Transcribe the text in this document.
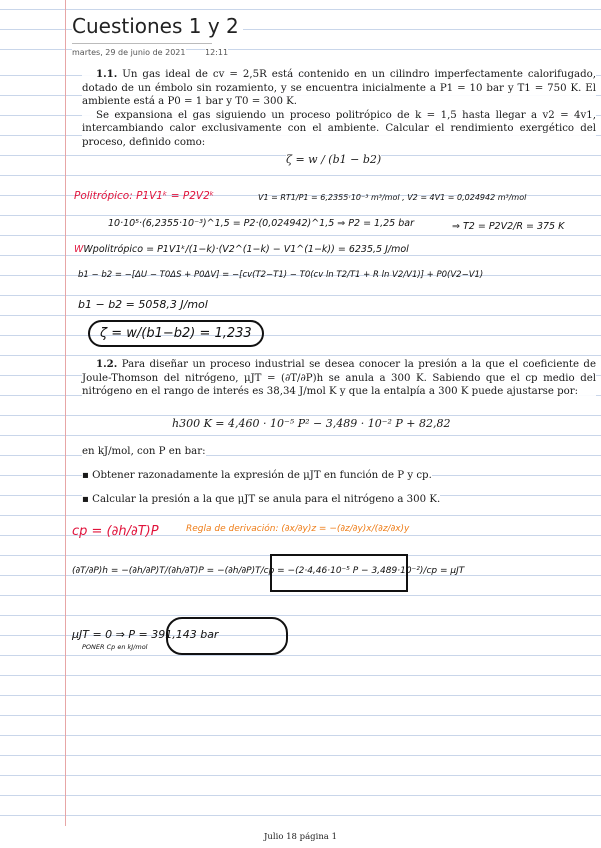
Cuestiones 1 y 2
martes, 29 de junio de 2021 12:11

1.1. Un gas ideal de cv = 2,5R está contenido en un cilindro imperfectamente calorifugado, dotado de un émbolo sin rozamiento, y se encuentra inicialmente a P1 = 10 bar y T1 = 750 K. El ambiente está a P0 = 1 bar y T0 = 300 K.

Se expansiona el gas siguiendo un proceso politrópico de k = 1,5 hasta llegar a v2 = 4v1, intercambiando calor exclusivamente con el ambiente. Calcular el rendimiento exergético del proceso, definido como:

ζ = w / (b1 − b2)
Politrópico: P1V1ᵏ = P2V2ᵏ	V1 = RT1/P1 = 6,2355·10⁻³ m³/mol , V2 = 4V1 = 0,024942 m³/mol
10·10⁵·(6,2355·10⁻³)^1,5 = P2·(0,024942)^1,5 ⇒ P2 = 1,25 bar	⇒ T2 = P2V2/R = 375 K
WWpolitrópico = P1V1ᵏ/(1−k)·(V2^(1−k) − V1^(1−k)) = 6235,5 J/mol
b1 − b2 = −[ΔU − T0ΔS + P0ΔV] = −[cv(T2−T1) − T0(cv ln T2/T1 + R ln V2/V1)] + P0(V2−V1)
b1 − b2 = 5058,3 J/mol
ζ = w/(b1−b2) = 1,233

1.2. Para diseñar un proceso industrial se desea conocer la presión a la que el coeficiente de Joule-Thomson del nitrógeno, μJT = (∂T/∂P)h se anula a 300 K. Sabiendo que el cp medio del nitrógeno en el rango de interés es 38,34 J/mol K y que la entalpía a 300 K puede ajustarse por:

h300 K = 4,460 · 10⁻⁵ P² − 3,489 · 10⁻² P + 82,82
en kJ/mol, con P en bar:
▪ Obtener razonadamente la expresión de μJT en función de P y cp.
▪ Calcular la presión a la que μJT se anula para el nitrógeno a 300 K.
cp = (∂h/∂T)P	Regla de derivación: (∂x/∂y)z = −(∂z/∂y)x/(∂z/∂x)y
(∂T/∂P)h = −(∂h/∂P)T/(∂h/∂T)P = −(∂h/∂P)T/cp = −(2·4,46·10⁻⁵ P − 3,489·10⁻²)/cp = μJT
μJT = 0 ⇒ P = 391,143 bar
PONER Cp en kJ/mol
Julio 18 página 1
